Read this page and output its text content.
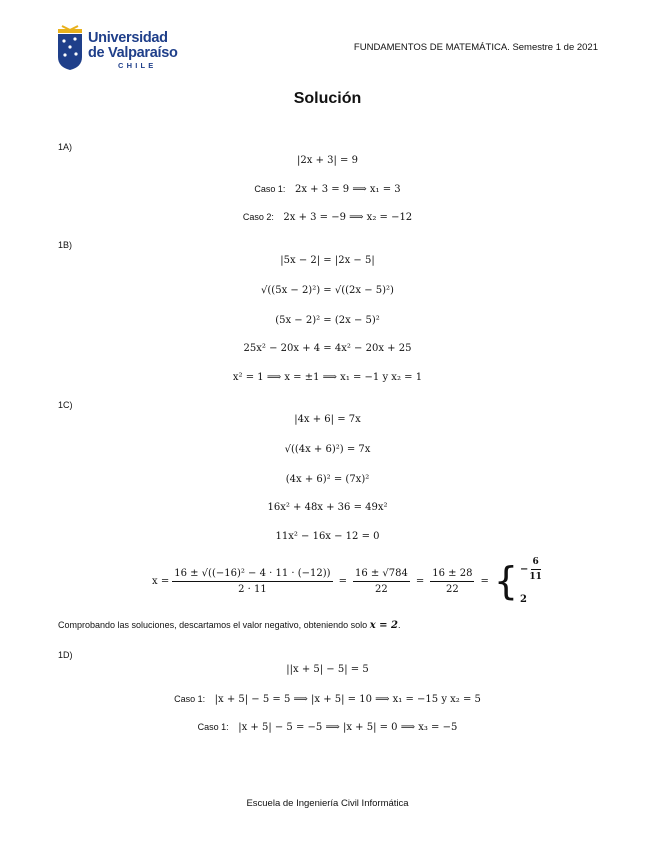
Universidad
de Valparaíso
CHILE
FUNDAMENTOS DE MATEMÁTICA. Semestre 1 de 2021
Solución
1A)
|2x + 3| = 9
Caso 1: 2x + 3 = 9 ⟹ x₁ = 3
Caso 2: 2x + 3 = −9 ⟹ x₂ = −12
1B)
|5x − 2| = |2x − 5|
√((5x − 2)²) = √((2x − 5)²)
(5x − 2)² = (2x − 5)²
25x² − 20x + 4 = 4x² − 20x + 25
x² = 1 ⟹ x = ±1 ⟹ x₁ = −1 y x₂ = 1
1C)
|4x + 6| = 7x
√((4x + 6)²) = 7x
(4x + 6)² = (7x)²
16x² + 48x + 36 = 49x²
11x² − 16x − 12 = 0
$x = \frac{\text{16 ± √((−16)² − 4 · 11 · (−12))}}{2 \cdot 11} = \frac{16 \pm √784}{22} = \frac{16 \pm 28}{22}$ = { − $\frac{6}{11}$
2
Comprobando las soluciones, descartamos el valor negativo, obteniendo solo x = 2.
1D)
||x + 5| − 5| = 5
Caso 1: |x + 5| − 5 = 5 ⟹ |x + 5| = 10 ⟹ x₁ = −15 y x₂ = 5
Caso 1: |x + 5| − 5 = −5 ⟹ |x + 5| = 0 ⟹ x₃ = −5
Escuela de Ingeniería Civil Informática
